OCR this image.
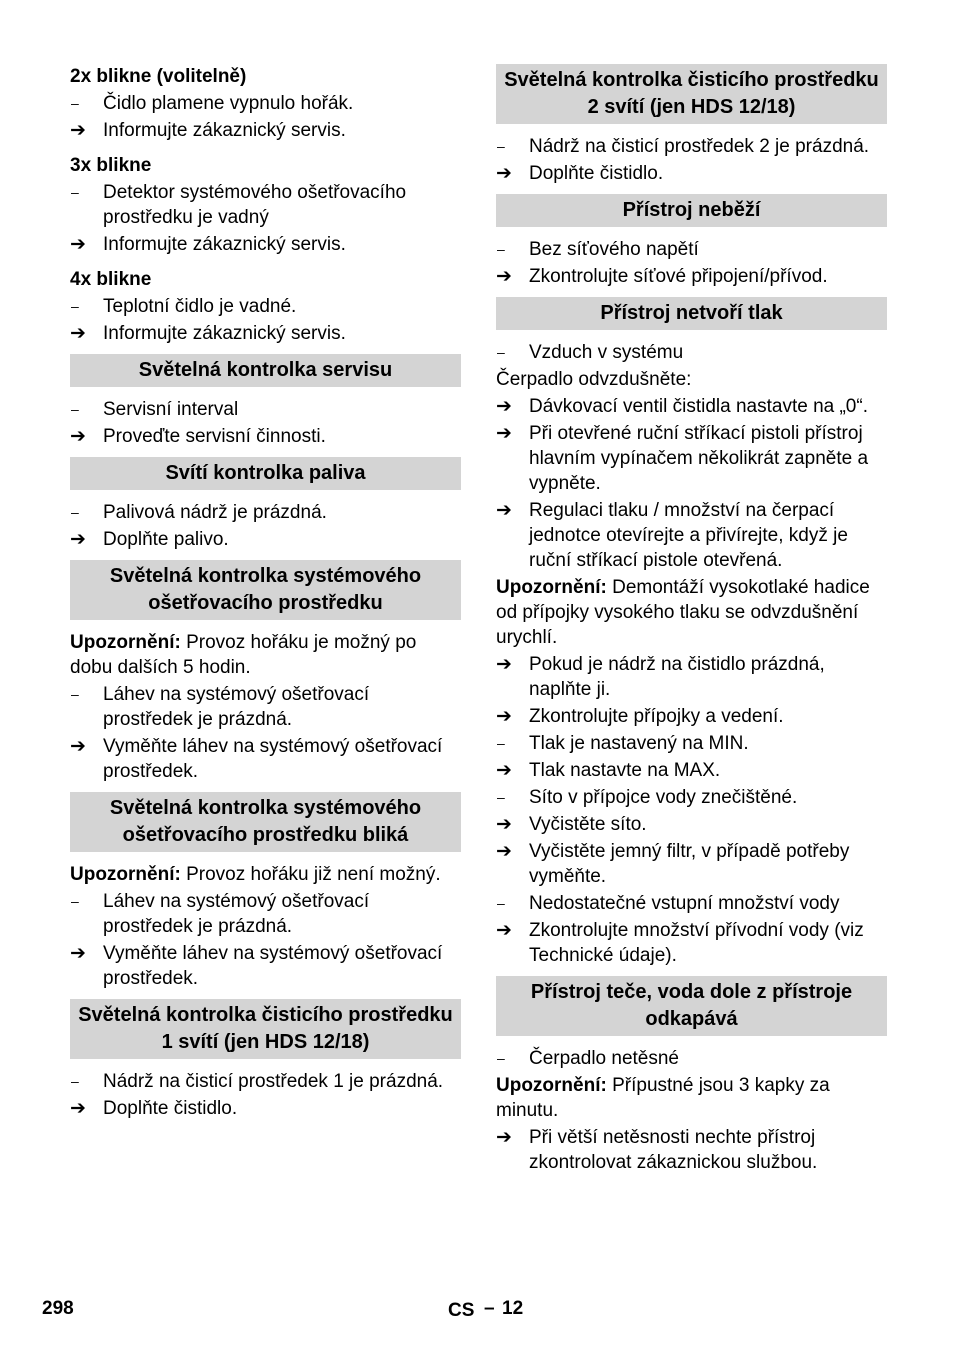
2x blikne (volitelně)
–	Čidlo plamene vypnulo hořák.
➔ Informujte zákaznický servis.
3x blikne
–	Detektor systémového ošetřovacího prostředku je vadný
➔ Informujte zákaznický servis.
4x blikne
–	Teplotní čidlo je vadné.
➔ Informujte zákaznický servis.
Světelná kontrolka servisu
–	Servisní interval
➔ Proveďte servisní činnosti.
Svítí kontrolka paliva
–	Palivová nádrž je prázdná.
➔ Doplňte palivo.
Světelná kontrolka systémového ošetřovacího prostředku
Upozornění: Provoz hořáku je možný po dobu dalších 5 hodin.
–	Láhev na systémový ošetřovací prostředek je prázdná.
➔ Vyměňte láhev na systémový ošetřovací prostředek.
Světelná kontrolka systémového ošetřovacího prostředku bliká
Upozornění: Provoz hořáku již není možný.
–	Láhev na systémový ošetřovací prostředek je prázdná.
➔ Vyměňte láhev na systémový ošetřovací prostředek.
Světelná kontrolka čisticího prostředku 1 svítí (jen HDS 12/18)
–	Nádrž na čisticí prostředek 1 je prázdná.
➔ Doplňte čistidlo.
Světelná kontrolka čisticího prostředku 2 svítí (jen HDS 12/18)
–	Nádrž na čisticí prostředek 2 je prázdná.
➔ Doplňte čistidlo.
Přístroj neběží
–	Bez síťového napětí
➔ Zkontrolujte síťové připojení/přívod.
Přístroj netvoří tlak
–	Vzduch v systému
Čerpadlo odvzdušněte:
➔ Dávkovací ventil čistidla nastavte na „0“.
➔ Při otevřené ruční stříkací pistoli přístroj hlavním vypínačem několikrát zapněte a vypněte.
➔ Regulaci tlaku / množství na čerpací jednotce otevírejte a přivírejte, když je ruční stříkací pistole otevřená.
Upozornění: Demontáží vysokotlaké hadice od přípojky vysokého tlaku se odvzdušnění urychlí.
➔ Pokud je nádrž na čistidlo prázdná, naplňte ji.
➔ Zkontrolujte přípojky a vedení.
–	Tlak je nastavený na MIN.
➔ Tlak nastavte na MAX.
–	Síto v přípojce vody znečištěné.
➔ Vyčistěte síto.
➔ Vyčistěte jemný filtr, v případě potřeby vyměňte.
–	Nedostatečné vstupní množství vody
➔ Zkontrolujte množství přívodní vody (viz Technické údaje).
Přístroj teče, voda dole z přístroje odkapává
–	Čerpadlo netěsné
Upozornění: Přípustné jsou 3 kapky za minutu.
➔ Při větší netěsnosti nechte přístroj zkontrolovat zákaznickou službou.
298	CS – 12
